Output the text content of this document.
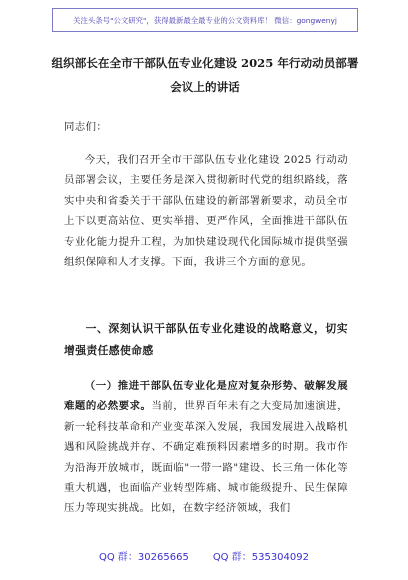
关注头条号"公文研究"，获得最新最全最专业的公文资料库！ 微信：gongwenyj
组织部长在全市干部队伍专业化建设 2025 年行动动员部署
会议上的讲话
同志们：
今天，我们召开全市干部队伍专业化建设 2025 行动动员部署会议，主要任务是深入贯彻新时代党的组织路线，落实中央和省委关于干部队伍建设的新部署新要求，动员全市上下以更高站位、更实举措、更严作风，全面推进干部队伍专业化能力提升工程，为加快建设现代化国际城市提供坚强组织保障和人才支撑。下面，我讲三个方面的意见。
一、深刻认识干部队伍专业化建设的战略意义，切实增强责任感使命感
（一）推进干部队伍专业化是应对复杂形势、破解发展难题的必然要求。当前，世界百年未有之大变局加速演进，新一轮科技革命和产业变革深入发展，我国发展进入战略机遇和风险挑战并存、不确定难预料因素增多的时期。我市作为沿海开放城市，既面临"一带一路"建设、长三角一体化等重大机遇，也面临产业转型阵痛、城市能级提升、民生保障压力等现实挑战。比如，在数字经济领域，我们
QQ 群：30265665 QQ 群：535304092
